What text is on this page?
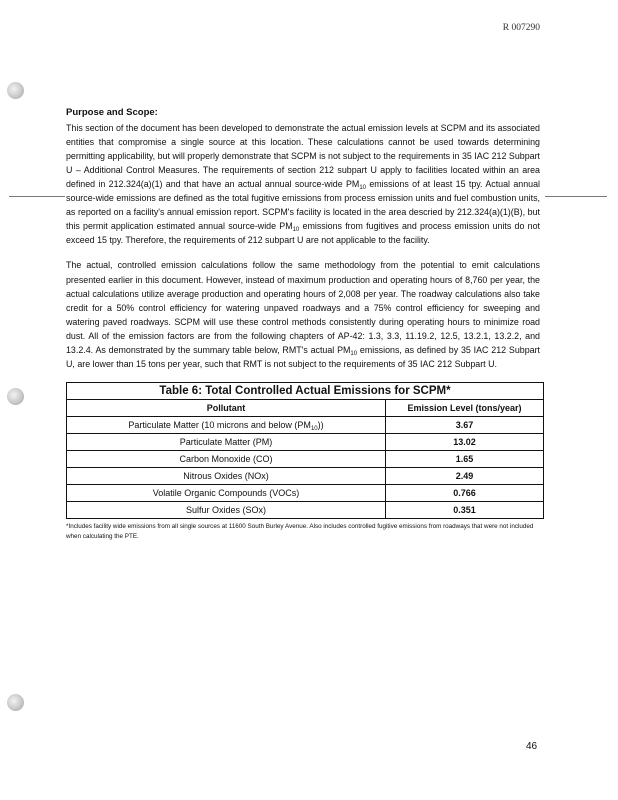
R 007290
Purpose and Scope:

This section of the document has been developed to demonstrate the actual emission levels at SCPM and its associated entities that compromise a single source at this location. These calculations cannot be used towards determining permitting applicability, but will properly demonstrate that SCPM is not subject to the requirements in 35 IAC 212 Subpart U – Additional Control Measures. The requirements of section 212 subpart U apply to facilities located within an area defined in 212.324(a)(1) and that have an actual annual source-wide $PM_{10}$ emissions of at least 15 tpy. Actual annual source-wide emissions are defined as the total fugitive emissions from process emission units and fuel combustion units, as reported on a facility's annual emission report. SCPM's facility is located in the area descried by 212.324(a)(1)(B), but this permit application estimated annual source-wide $PM_{10}$ emissions from fugitives and process emission units do not exceed 15 tpy. Therefore, the requirements of 212 subpart U are not applicable to the facility.

The actual, controlled emission calculations follow the same methodology from the potential to emit calculations presented earlier in this document. However, instead of maximum production and operating hours of 8,760 per year, the actual calculations utilize average production and operating hours of 2,008 per year. The roadway calculations also take credit for a 50% control efficiency for watering unpaved roadways and a 75% control efficiency for sweeping and watering paved roadways. SCPM will use these control methods consistently during operating hours to minimize road dust. All of the emission factors are from the following chapters of AP-42: 1.3, 3.3, 11.19.2, 12.5, 13.2.1, 13.2.2, and 13.2.4. As demonstrated by the summary table below, RMT's actual $PM_{10}$ emissions, as defined by 35 IAC 212 Subpart U, are lower than 15 tons per year, such that RMT is not subject to the requirements of 35 IAC 212 Subpart U.

Table 6: Total Controlled Actual Emissions for SCPM*
Pollutant	Emission Level (tons/year)
Particulate Matter (10 microns and below $(PM_{10})$)	3.67
Particulate Matter (PM)	13.02
Carbon Monoxide (CO)	1.65
Nitrous Oxides (NOx)	2.49
Volatile Organic Compounds (VOCs)	0.766
Sulfur Oxides (SOx)	0.351
*Includes facility wide emissions from all single sources at 11600 South Burley Avenue. Also includes controlled fugitive emissions from roadways that were not included when calculating the PTE.
46
